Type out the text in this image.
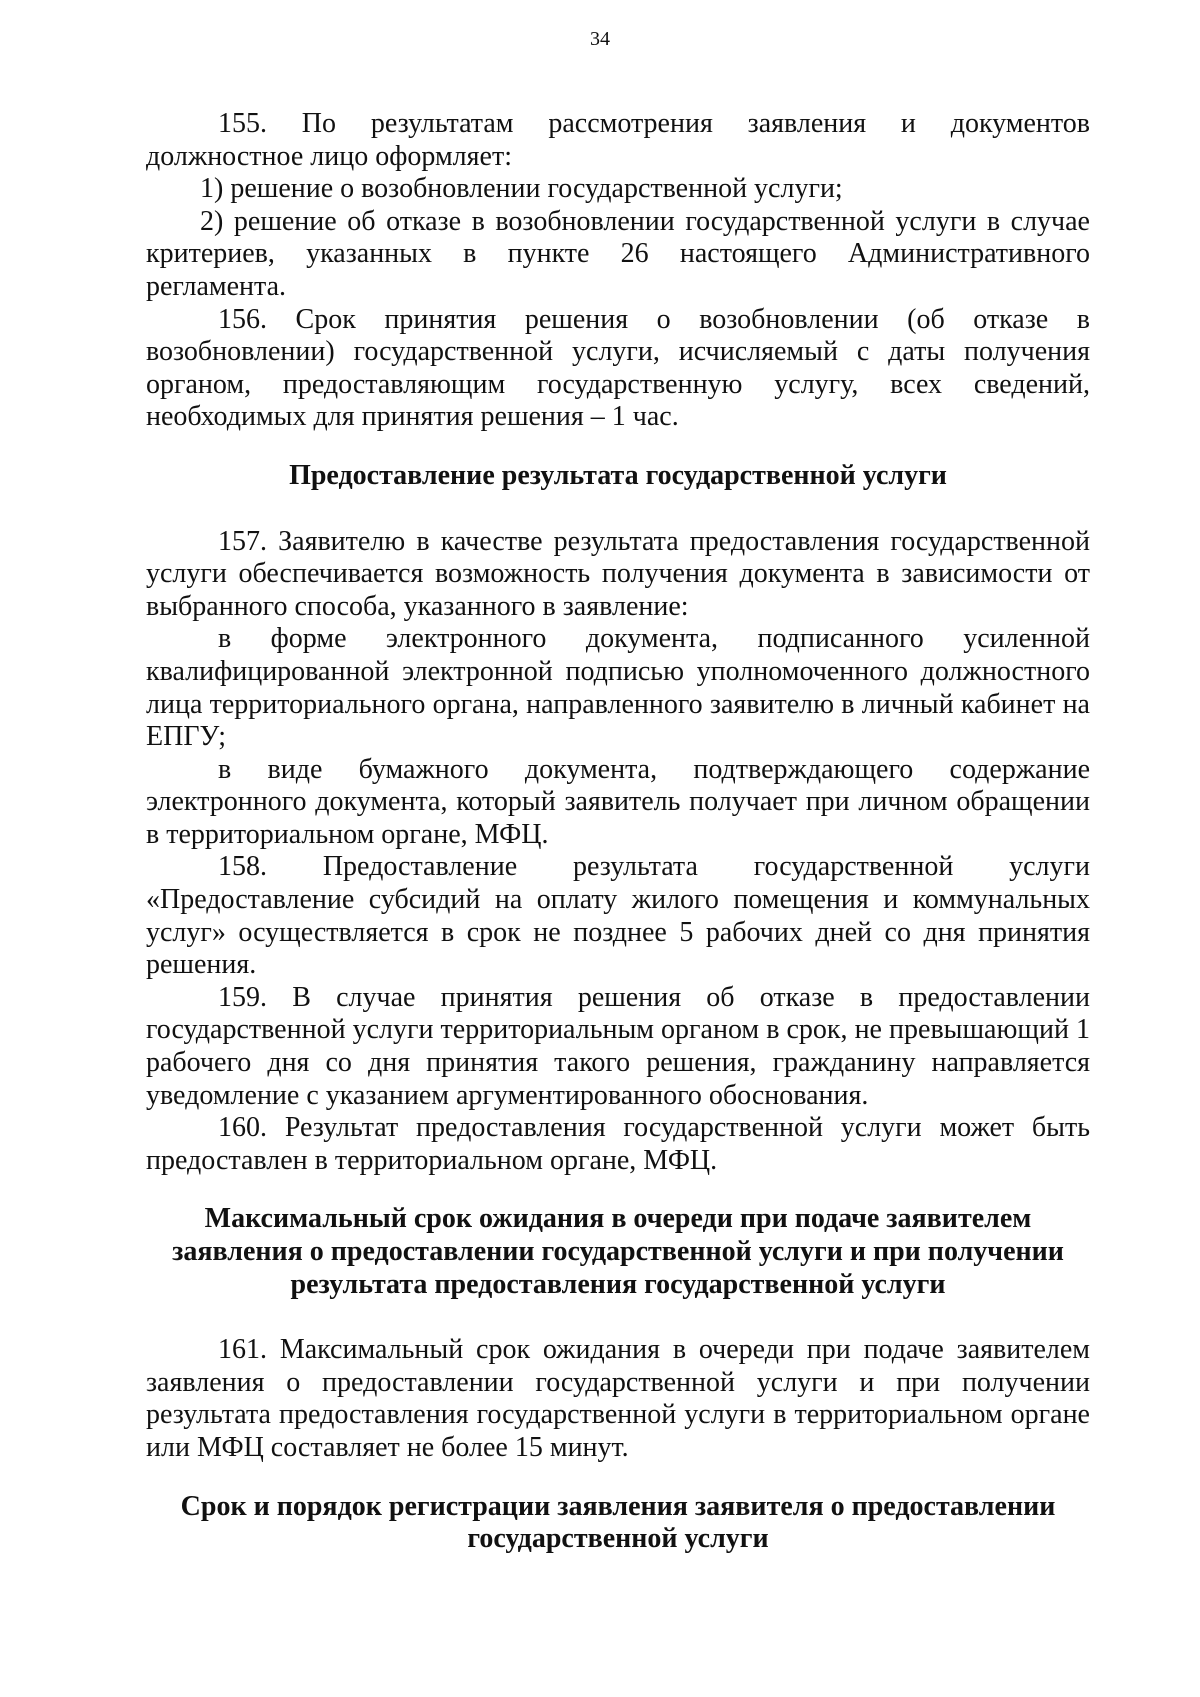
34

155. По результатам рассмотрения заявления и документов

должностное лицо оформляет:

1) решение о возобновлении государственной услуги;

2) решение об отказе в возобновлении государственной услуги в случае критериев, указанных в пункте 26 настоящего Административного регламента.

156. Срок принятия решения о возобновлении (об отказе в возобновлении) государственной услуги, исчисляемый с даты получения органом, предоставляющим государственную услугу, всех сведений, необходимых для принятия решения – 1 час.

Предоставление результата государственной услуги

157. Заявителю в качестве результата предоставления государственной услуги обеспечивается возможность получения документа в зависимости от выбранного способа, указанного в заявление:

в форме электронного документа, подписанного усиленной квалифицированной электронной подписью уполномоченного должностного лица территориального органа, направленного заявителю в личный кабинет на ЕПГУ;

в виде бумажного документа, подтверждающего содержание электронного документа, который заявитель получает при личном обращении в территориальном органе, МФЦ.

158. Предоставление результата государственной услуги «Предоставление субсидий на оплату жилого помещения и коммунальных услуг» осуществляется в срок не позднее 5 рабочих дней со дня принятия решения.

159. В случае принятия решения об отказе в предоставлении государственной услуги территориальным органом в срок, не превышающий 1 рабочего дня со дня принятия такого решения, гражданину направляется уведомление с указанием аргументированного обоснования.

160. Результат предоставления государственной услуги может быть предоставлен в территориальном органе, МФЦ.

Максимальный срок ожидания в очереди при подаче заявителем

заявления о предоставлении государственной услуги и при получении

результата предоставления государственной услуги

161. Максимальный срок ожидания в очереди при подаче заявителем заявления о предоставлении государственной услуги и при получении результата предоставления государственной услуги в территориальном органе или МФЦ составляет не более 15 минут.

Срок и порядок регистрации заявления заявителя о предоставлении

государственной услуги
